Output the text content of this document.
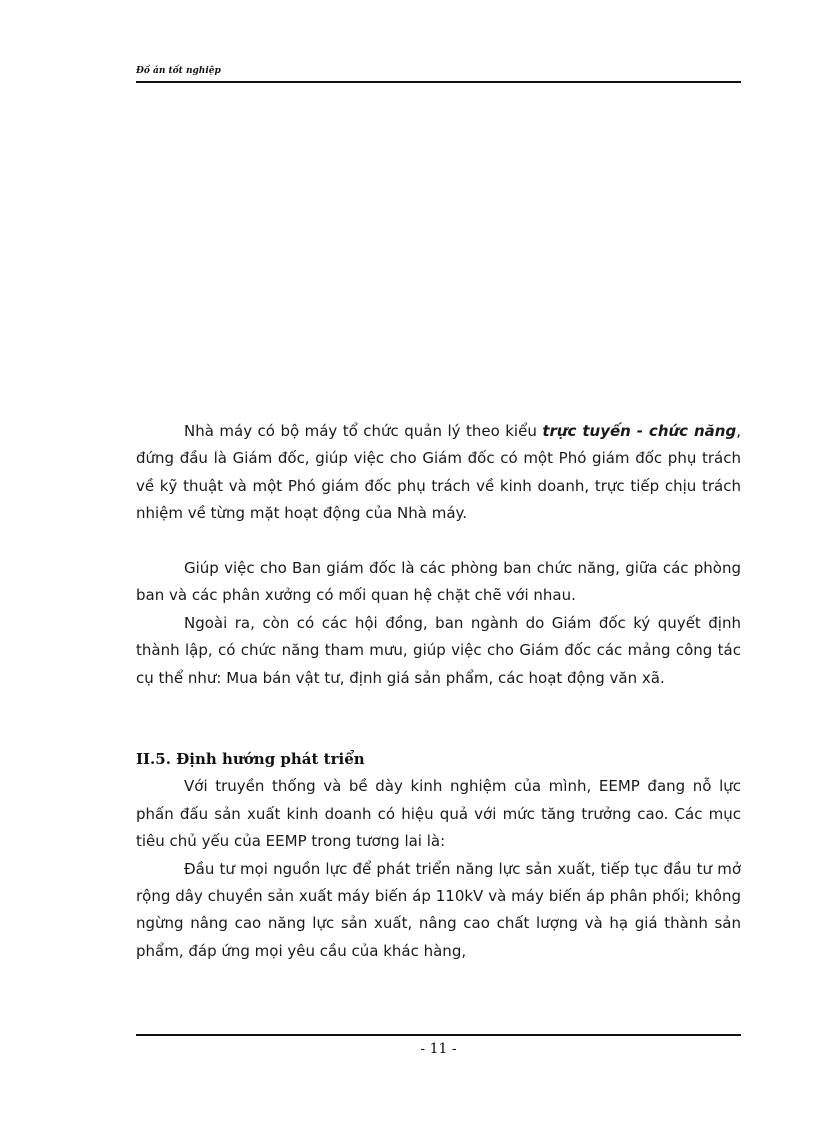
Đồ án tốt nghiệp

Nhà máy có bộ máy tổ chức quản lý theo kiểu trực tuyến - chức năng, đứng đầu là Giám đốc, giúp việc cho Giám đốc có một Phó giám đốc phụ trách về kỹ thuật và một Phó giám đốc phụ trách về kinh doanh, trực tiếp chịu trách nhiệm về từng mặt hoạt động của Nhà máy.

Giúp việc cho Ban giám đốc là các phòng ban chức năng, giữa các phòng ban và các phân xưởng có mối quan hệ chặt chẽ với nhau.

Ngoài ra, còn có các hội đồng, ban ngành do Giám đốc ký quyết định thành lập, có chức năng tham mưu, giúp việc cho Giám đốc các mảng công tác cụ thể như: Mua bán vật tư, định giá sản phẩm, các hoạt động văn xã.

II.5. Định hướng phát triển

Với truyền thống và bề dày kinh nghiệm của mình, EEMP đang nỗ lực phấn đấu sản xuất kinh doanh có hiệu quả với mức tăng trưởng cao. Các mục tiêu chủ yếu của EEMP trong tương lai là:

Đầu tư mọi nguồn lực để phát triển năng lực sản xuất, tiếp tục đầu tư mở rộng dây chuyền sản xuất máy biến áp 110kV và máy biến áp phân phối; không ngừng nâng cao năng lực sản xuất, nâng cao chất lượng và hạ giá thành sản phẩm, đáp ứng mọi yêu cầu của khác hàng,

- 11 -
